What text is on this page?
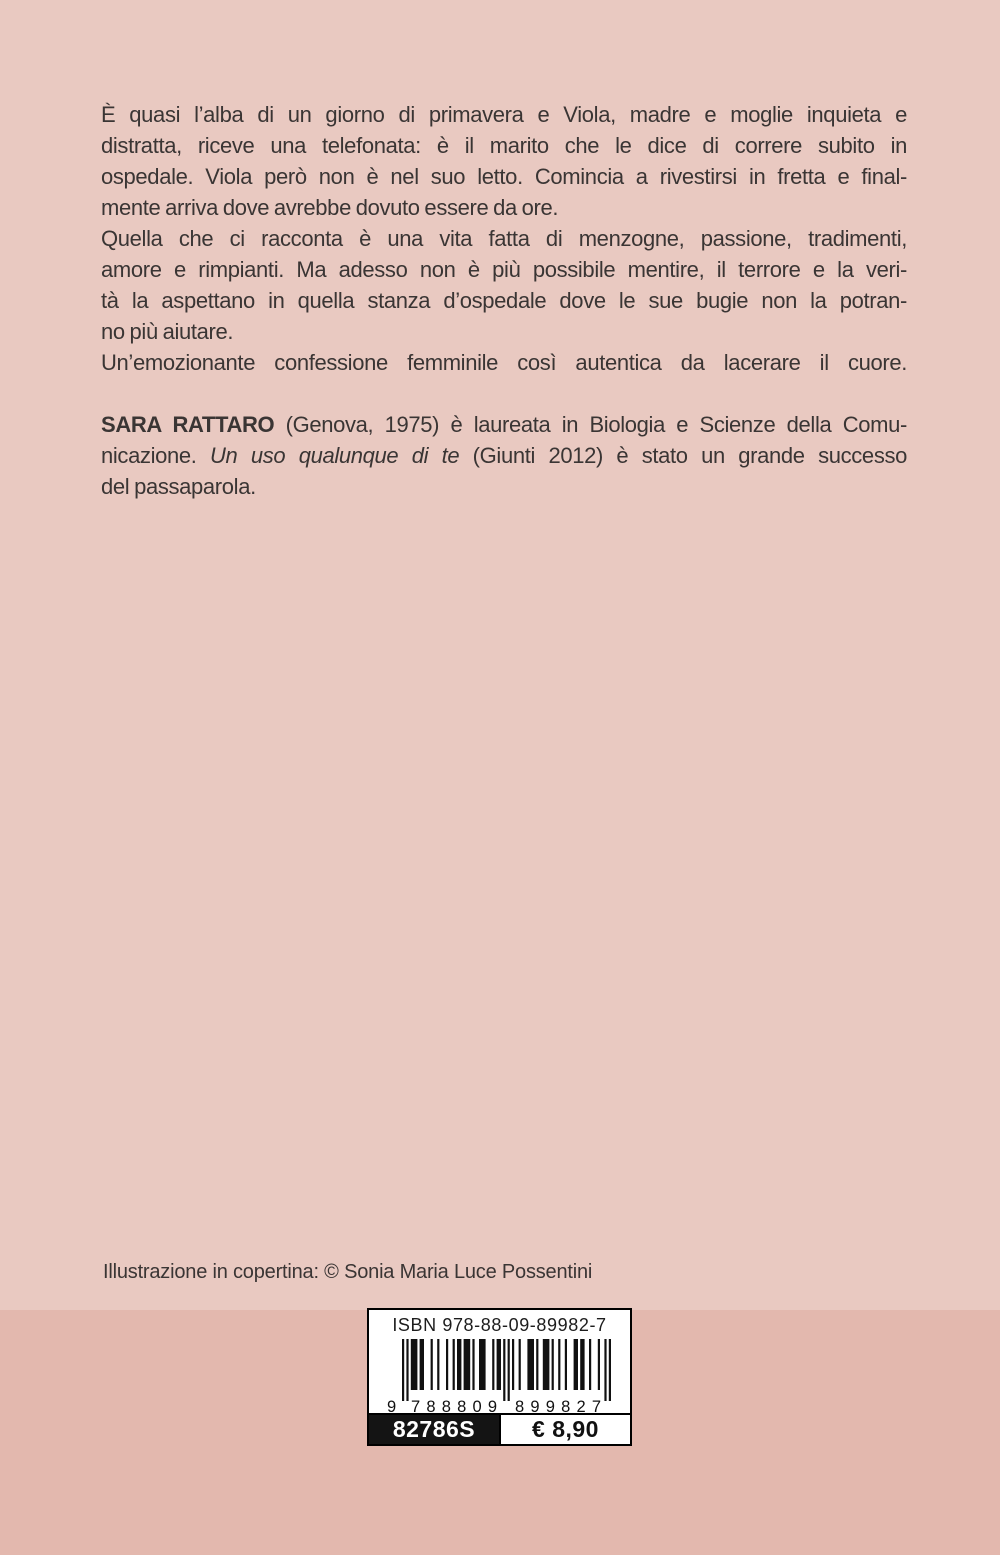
È quasi l’alba di un giorno di primavera e Viola, madre e moglie inquieta e
distratta, riceve una telefonata: è il marito che le dice di correre subito in
ospedale. Viola però non è nel suo letto. Comincia a rivestirsi in fretta e final-
mente arriva dove avrebbe dovuto essere da ore.
Quella che ci racconta è una vita fatta di menzogne, passione, tradimenti,
amore e rimpianti. Ma adesso non è più possibile mentire, il terrore e la veri-
tà la aspettano in quella stanza d’ospedale dove le sue bugie non la potran-
no più aiutare.
Un’emozionante confessione femminile così autentica da lacerare il cuore.
SARA RATTARO (Genova, 1975) è laureata in Biologia e Scienze della Comu-
nicazione. Un uso qualunque di te (Giunti 2012) è stato un grande successo
del passaparola.
Illustrazione in copertina: © Sonia Maria Luce Possentini
ISBN 978-88-09-89982-7
9 788809 899827
82786S	€ 8,90
